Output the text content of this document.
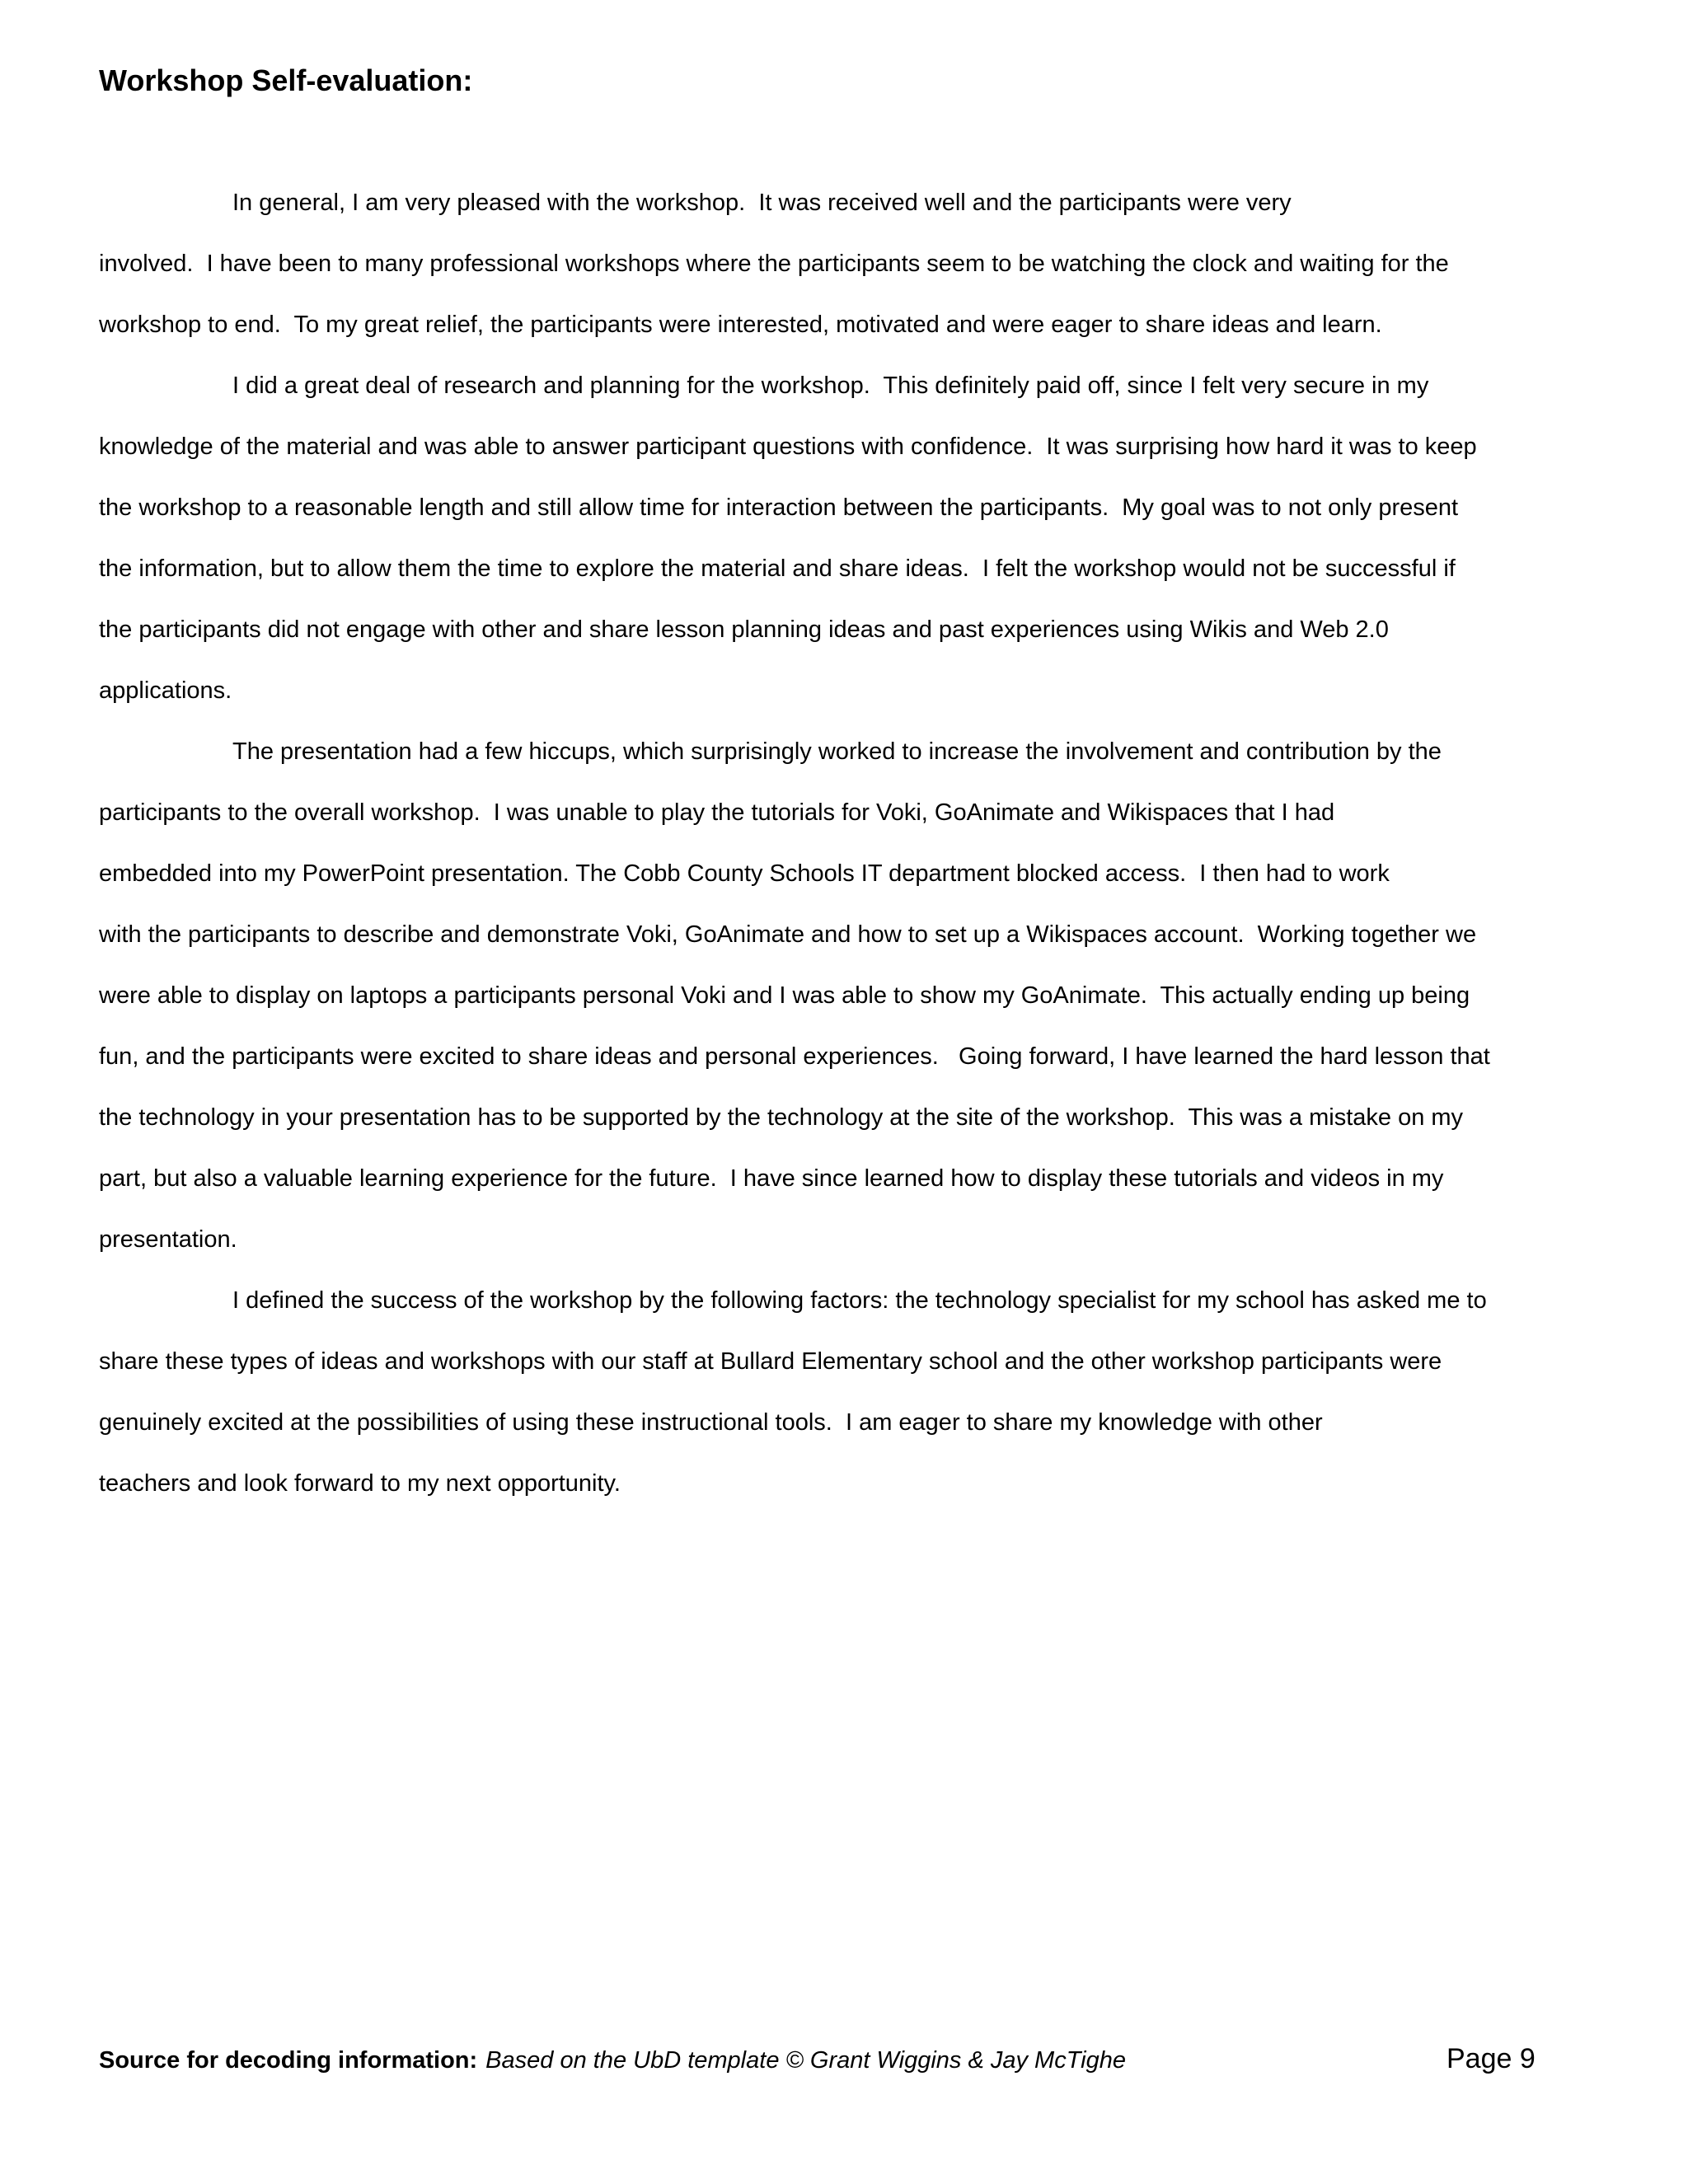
Workshop Self-evaluation:
In general, I am very pleased with the workshop.  It was received well and the participants were very
involved.  I have been to many professional workshops where the participants seem to be watching the clock and waiting for the
workshop to end.  To my great relief, the participants were interested, motivated and were eager to share ideas and learn.
I did a great deal of research and planning for the workshop.  This definitely paid off, since I felt very secure in my
knowledge of the material and was able to answer participant questions with confidence.  It was surprising how hard it was to keep
the workshop to a reasonable length and still allow time for interaction between the participants.  My goal was to not only present
the information, but to allow them the time to explore the material and share ideas.  I felt the workshop would not be successful if
the participants did not engage with other and share lesson planning ideas and past experiences using Wikis and Web 2.0
applications.
The presentation had a few hiccups, which surprisingly worked to increase the involvement and contribution by the
participants to the overall workshop.  I was unable to play the tutorials for Voki, GoAnimate and Wikispaces that I had
embedded into my PowerPoint presentation. The Cobb County Schools IT department blocked access.  I then had to work
with the participants to describe and demonstrate Voki, GoAnimate and how to set up a Wikispaces account.  Working together we
were able to display on laptops a participants personal Voki and I was able to show my GoAnimate.  This actually ending up being
fun, and the participants were excited to share ideas and personal experiences.   Going forward, I have learned the hard lesson that
the technology in your presentation has to be supported by the technology at the site of the workshop.  This was a mistake on my
part, but also a valuable learning experience for the future.  I have since learned how to display these tutorials and videos in my
presentation.
I defined the success of the workshop by the following factors: the technology specialist for my school has asked me to
share these types of ideas and workshops with our staff at Bullard Elementary school and the other workshop participants were
genuinely excited at the possibilities of using these instructional tools.  I am eager to share my knowledge with other
teachers and look forward to my next opportunity.
Source for decoding information: Based on the UbD template © Grant Wiggins & Jay McTighe	Page 9
